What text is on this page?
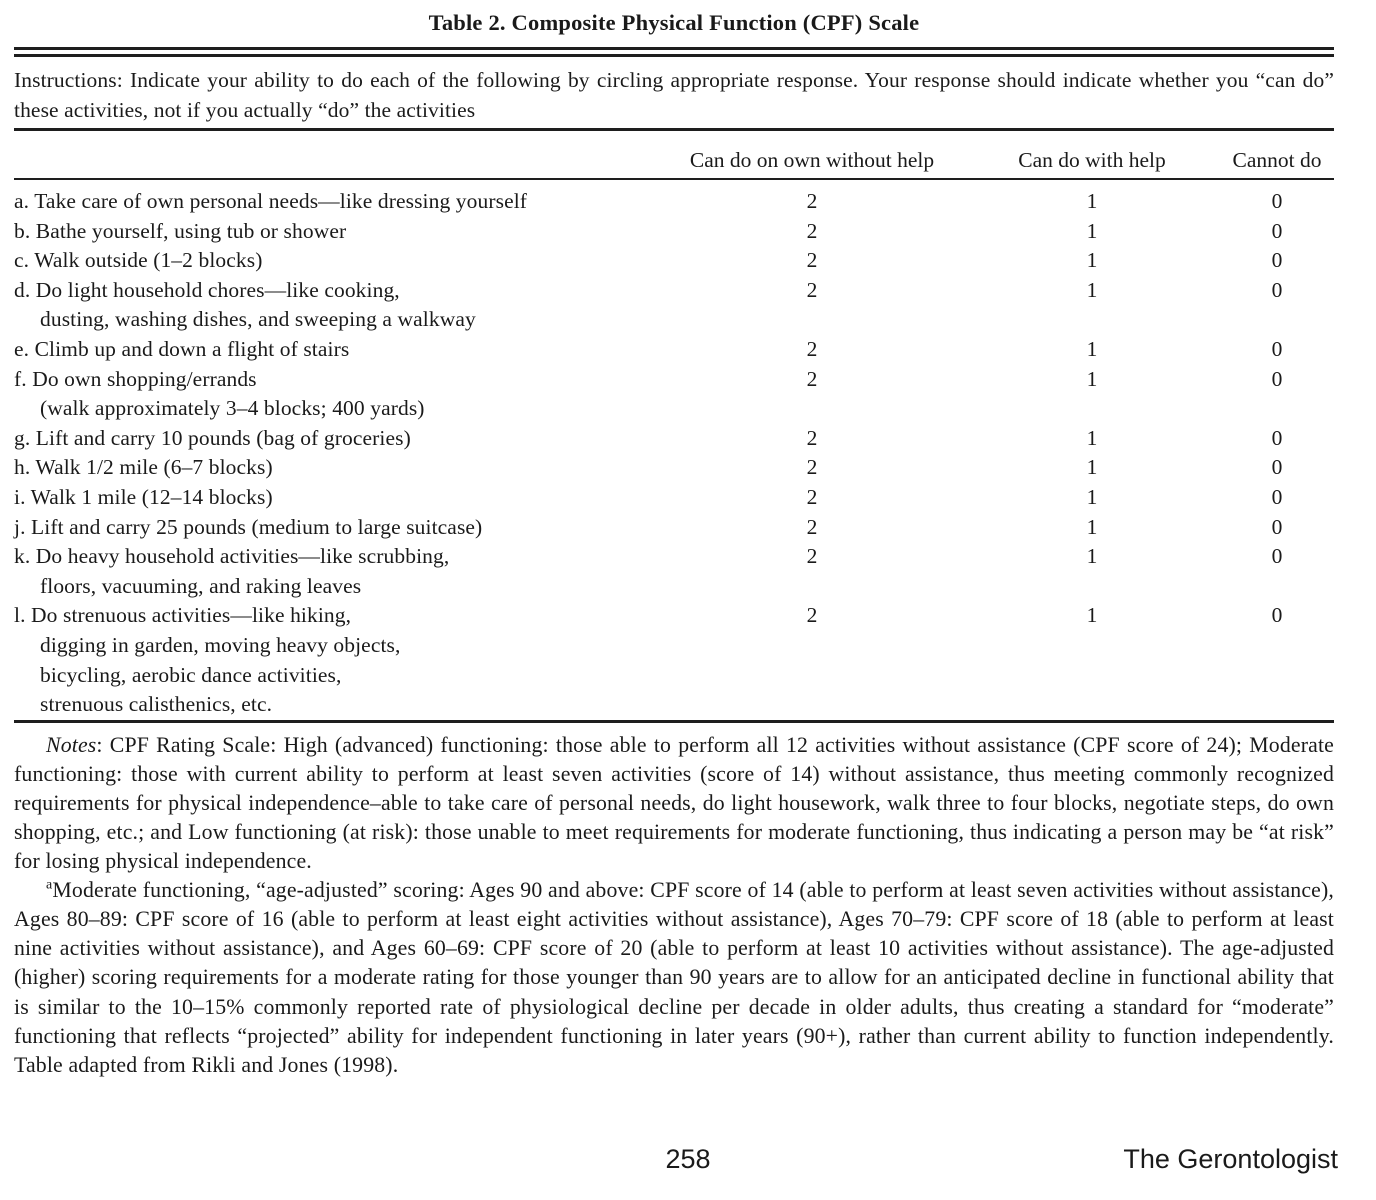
Table 2. Composite Physical Function (CPF) Scale

Instructions: Indicate your ability to do each of the following by circling appropriate response. Your response should indicate whether you “can do” these activities, not if you actually “do” the activities

Can do on own without help	Can do with help	Cannot do
a. Take care of own personal needs—like dressing yourself	2	1	0
b. Bathe yourself, using tub or shower	2	1	0
c. Walk outside (1–2 blocks)	2	1	0
d. Do light household chores—like cooking,
dusting, washing dishes, and sweeping a walkway
2	1	0
e. Climb up and down a flight of stairs	2	1	0
f. Do own shopping/errands
(walk approximately 3–4 blocks; 400 yards)
2	1	0
g. Lift and carry 10 pounds (bag of groceries)	2	1	0
h. Walk 1/2 mile (6–7 blocks)	2	1	0
i. Walk 1 mile (12–14 blocks)	2	1	0
j. Lift and carry 25 pounds (medium to large suitcase)	2	1	0
k. Do heavy household activities—like scrubbing,
floors, vacuuming, and raking leaves
2	1	0
l. Do strenuous activities—like hiking,
digging in garden, moving heavy objects,
bicycling, aerobic dance activities,
strenuous calisthenics, etc.
2	1	0

Notes: CPF Rating Scale: High (advanced) functioning: those able to perform all 12 activities without assistance (CPF score of 24); Moderate functioning: those with current ability to perform at least seven activities (score of 14) without assistance, thus meeting commonly recognized requirements for physical independence–able to take care of personal needs, do light housework, walk three to four blocks, negotiate steps, do own shopping, etc.; and Low functioning (at risk): those unable to meet requirements for moderate functioning, thus indicating a person may be “at risk” for losing physical independence.

$^a$Moderate functioning, “age-adjusted” scoring: Ages 90 and above: CPF score of 14 (able to perform at least seven activities without assistance), Ages 80–89: CPF score of 16 (able to perform at least eight activities without assistance), Ages 70–79: CPF score of 18 (able to perform at least nine activities without assistance), and Ages 60–69: CPF score of 20 (able to perform at least 10 activities without assistance). The age-adjusted (higher) scoring requirements for a moderate rating for those younger than 90 years are to allow for an anticipated decline in functional ability that is similar to the 10–15% commonly reported rate of physiological decline per decade in older adults, thus creating a standard for “moderate” functioning that reflects “projected” ability for independent functioning in later years (90+), rather than current ability to function independently. Table adapted from Rikli and Jones (1998).

258	The Gerontologist
